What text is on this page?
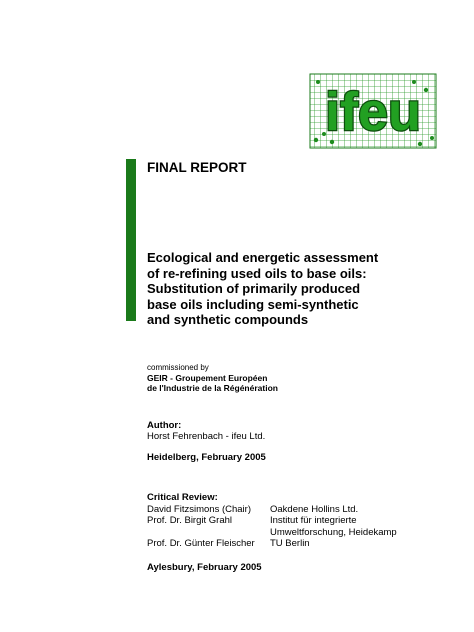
ifeu

FINAL REPORT

Ecological and energetic assessment
of re-refining used oils to base oils:
Substitution of primarily produced
base oils including semi-synthetic
and synthetic compounds
commissioned by
GEIR - Groupement Européen
de l'Industrie de la Régénération
Author:
Horst Fehrenbach - ifeu Ltd.
Heidelberg, February 2005
Critical Review:
David Fitzsimons (Chair)	Oakdene Hollins Ltd.
Prof. Dr. Birgit Grahl	Institut für integrierte
Umweltforschung, Heidekamp
Prof. Dr. Günter Fleischer	TU Berlin
Aylesbury, February 2005
